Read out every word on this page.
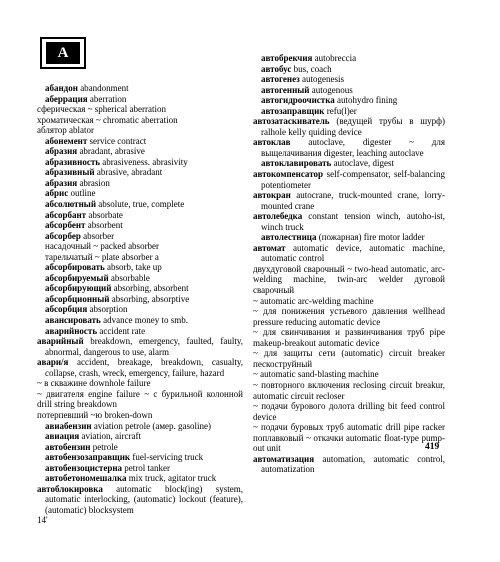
А

абандон abandonment

аберрация aberration

сферическая ~ spherical aberration

хроматическая ~ chromatic aberration

аблятор ablator

абонемент service contract

абразия abradant, abrasive

абразивность abrasiveness. abrasivity

абразивный abrasive, abradant

абразия abrasion

абрис outline

абсолютный absolute, true, complete

абсорбант absorbate

абсорбент absorbent

абсорбер absorber

насадочный ~ packed absorber

тарельчатый ~ plate absorber a

абсорбировать absorb, take up

абсорбируемый absorbable

абсорбирующий absorbing, absorbent

абсорбционный absorbing, absorptive

абсорбция absorption

авансировать advance money to smb.

аварийность accident rate

аварийный breakdown, emergency, faulted, faulty, abnormal, dangerous to use, alarm

авари/я accident, breakage, breakdown, casualty, collapse, crash, wreck, emergency, failure, hazard

~ в скважине downhole failure

~ двигателя engine failure ~ с бурильной колонной drill string breakdown

потерпевший ~ю broken-down

авиабензин aviation petrole (амер. gasoline)

авиация aviation, aircraft

автобензин petrole

автобензозаправщик fuel-servicing truck

автобензоцистерна petrol tanker

автобетономешалка mix truck, agitator truck

автоблокировка automatic block(ing) system, automatic interlocking, (automatic) lockout (feature), (automatic) blocksystem

14'

автобрекчия autobreccia

автобус bus, coach

автогенез autogenesis

автогенный autogenous

автогидроочистка autohydro fining

автозаправщик refu(l)er

автозатаскиватель (ведущей трубы в шурф) ralhole kelly quiding device

автоклав autoclave, digester ~ для выщелачивания digester, leaching autoclave

автоклавировать autoclave, digest

автокомпенсатор self-compensator, self-balancing potentiometer

автокран autocrane, truck-mounted crane, lorry-mounted crane

автолебедка constant tension winch, autoho-ist, winch truck

автолестница (пожарная) fire motor ladder

автомат automatic device, automatic machine, automatic control

двухдуговой сварочный ~ two-head automatic, arc-welding machine, twin-arc welder дуговой сварочный

~ automatic arc-welding machine

~ для понижения устьевого давления wellhead pressure reducing automatic device

~ для свинчивания и развинчивания труб pipe makeup-breakout automatic device

~ для защиты сети (automatic) circuit breaker пескоструйный

~ automatic sand-blasting machine

~ повторного включения reclosing circuit breakur, automatic circuit recloser

~ подачи бурового долота drilling bit feed control device

~ подачи буровых труб automatic drill pipe racker поплавковый ~ откачки automatic float-type pump-out unit

автоматизация automation, automatic control, automatization

419
